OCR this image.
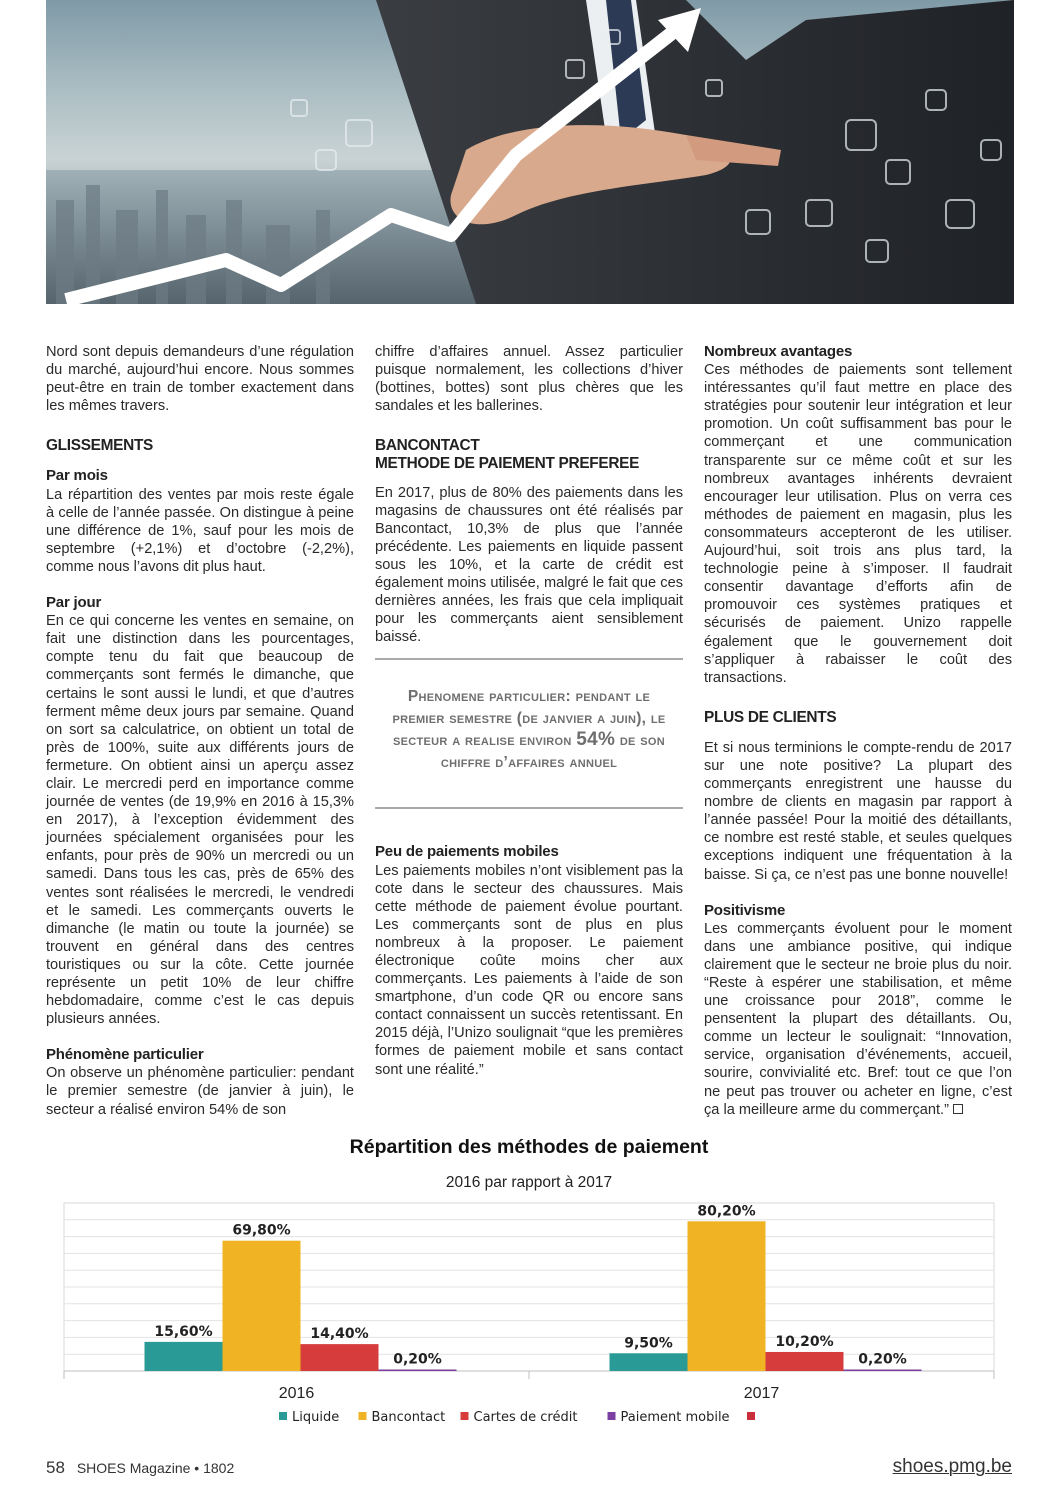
Nord sont depuis demandeurs d’une régulation du marché, aujourd’hui encore. Nous sommes peut-être en train de tomber exactement dans les mêmes travers.

GLISSEMENTS
Par mois

La répartition des ventes par mois reste égale à celle de l’année passée. On distingue à peine une différence de 1%, sauf pour les mois de septembre (+2,1%) et d’octobre (-2,2%), comme nous l’avons dit plus haut.

Par jour

En ce qui concerne les ventes en semaine, on fait une distinction dans les pourcentages, compte tenu du fait que beaucoup de commerçants sont fermés le dimanche, que certains le sont aussi le lundi, et que d’autres ferment même deux jours par semaine. Quand on sort sa calculatrice, on obtient un total de près de 100%, suite aux différents jours de fermeture. On obtient ainsi un aperçu assez clair. Le mercredi perd en importance comme journée de ventes (de 19,9% en 2016 à 15,3% en 2017), à l’exception évidemment des journées spécialement organisées pour les enfants, pour près de 90% un mercredi ou un samedi. Dans tous les cas, près de 65% des ventes sont réalisées le mercredi, le vendredi et le samedi. Les commerçants ouverts le dimanche (le matin ou toute la journée) se trouvent en général dans des centres touristiques ou sur la côte. Cette journée représente un petit 10% de leur chiffre hebdomadaire, comme c’est le cas depuis plusieurs années.

Phénomène particulier

On observe un phénomène particulier: pendant le premier semestre (de janvier à juin), le secteur a réalisé environ 54% de son

chiffre d’affaires annuel. Assez particulier puisque normalement, les collections d’hiver (bottines, bottes) sont plus chères que les sandales et les ballerines.

BANCONTACT
METHODE DE PAIEMENT PREFEREE

En 2017, plus de 80% des paiements dans les magasins de chaussures ont été réalisés par Bancontact, 10,3% de plus que l’année précédente. Les paiements en liquide passent sous les 10%, et la carte de crédit est également moins utilisée, malgré le fait que ces dernières années, les frais que cela impliquait pour les commerçants aient sensiblement baissé.

Phenomene particulier: pendant le premier semestre (de janvier a juin), le secteur a realise environ 54% de son chiffre d’affaires annuel
Peu de paiements mobiles

Les paiements mobiles n’ont visiblement pas la cote dans le secteur des chaussures. Mais cette méthode de paiement évolue pourtant. Les commerçants sont de plus en plus nombreux à la proposer. Le paiement électronique coûte moins cher aux commerçants. Les paiements à l’aide de son smartphone, d’un code QR ou encore sans contact connaissent un succès retentissant. En 2015 déjà, l’Unizo soulignait “que les premières formes de paiement mobile et sans contact sont une réalité.”

Nombreux avantages

Ces méthodes de paiements sont tellement intéressantes qu’il faut mettre en place des stratégies pour soutenir leur intégration et leur promotion. Un coût suffisamment bas pour le commerçant et une communication transparente sur ce même coût et sur les nombreux avantages inhérents devraient encourager leur utilisation. Plus on verra ces méthodes de paiement en magasin, plus les consommateurs accepteront de les utiliser. Aujourd’hui, soit trois ans plus tard, la technologie peine à s’imposer. Il faudrait consentir davantage d’efforts afin de promouvoir ces systèmes pratiques et sécurisés de paiement. Unizo rappelle également que le gouvernement doit s’appliquer à rabaisser le coût des transactions.

PLUS DE CLIENTS

Et si nous terminions le compte-rendu de 2017 sur une note positive? La plupart des commerçants enregistrent une hausse du nombre de clients en magasin par rapport à l’année passée! Pour la moitié des détaillants, ce nombre est resté stable, et seules quelques exceptions indiquent une fréquentation à la baisse. Si ça, ce n’est pas une bonne nouvelle!

Positivisme

Les commerçants évoluent pour le moment dans une ambiance positive, qui indique clairement que le secteur ne broie plus du noir. “Reste à espérer une stabilisation, et même une croissance pour 2018”, comme le pensentent la plupart des détaillants. Ou, comme un lecteur le soulignait: “Innovation, service, organisation d’événements, accueil, sourire, convivialité etc. Bref: tout ce que l’on ne peut pas trouver ou acheter en ligne, c’est ça la meilleure arme du commerçant.”

Répartition des méthodes de paiement
2016 par rapport à 2017
15,60%
69,80%
14,40%
0,20%
2016
9,50%
80,20%
10,20%
0,20%
2017
Liquide Bancontact Cartes de crédit	Paiement mobile
58 SHOES Magazine • 1802	shoes.pmg.be
